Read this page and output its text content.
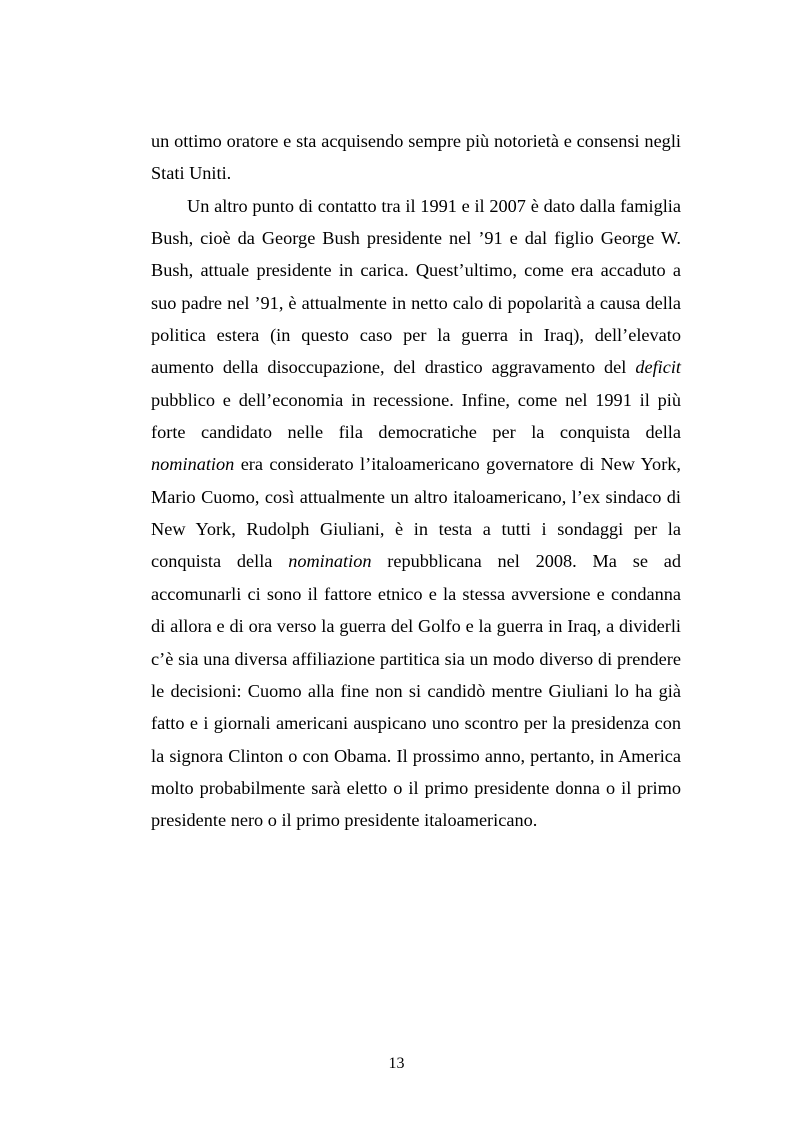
un ottimo oratore e sta acquisendo sempre più notorietà e consensi negli Stati Uniti.

Un altro punto di contatto tra il 1991 e il 2007 è dato dalla famiglia Bush, cioè da George Bush presidente nel ’91 e dal figlio George W. Bush, attuale presidente in carica. Quest’ultimo, come era accaduto a suo padre nel ’91, è attualmente in netto calo di popolarità a causa della politica estera (in questo caso per la guerra in Iraq), dell’elevato aumento della disoccupazione, del drastico aggravamento del deficit pubblico e dell’economia in recessione. Infine, come nel 1991 il più forte candidato nelle fila democratiche per la conquista della nomination era considerato l’italoamericano governatore di New York, Mario Cuomo, così attualmente un altro italoamericano, l’ex sindaco di New York, Rudolph Giuliani, è in testa a tutti i sondaggi per la conquista della nomination repubblicana nel 2008. Ma se ad accomunarli ci sono il fattore etnico e la stessa avversione e condanna di allora e di ora verso la guerra del Golfo e la guerra in Iraq, a dividerli c’è sia una diversa affiliazione partitica sia un modo diverso di prendere le decisioni: Cuomo alla fine non si candidò mentre Giuliani lo ha già fatto e i giornali americani auspicano uno scontro per la presidenza con la signora Clinton o con Obama. Il prossimo anno, pertanto, in America molto probabilmente sarà eletto o il primo presidente donna o il primo presidente nero o il primo presidente italoamericano.

13
